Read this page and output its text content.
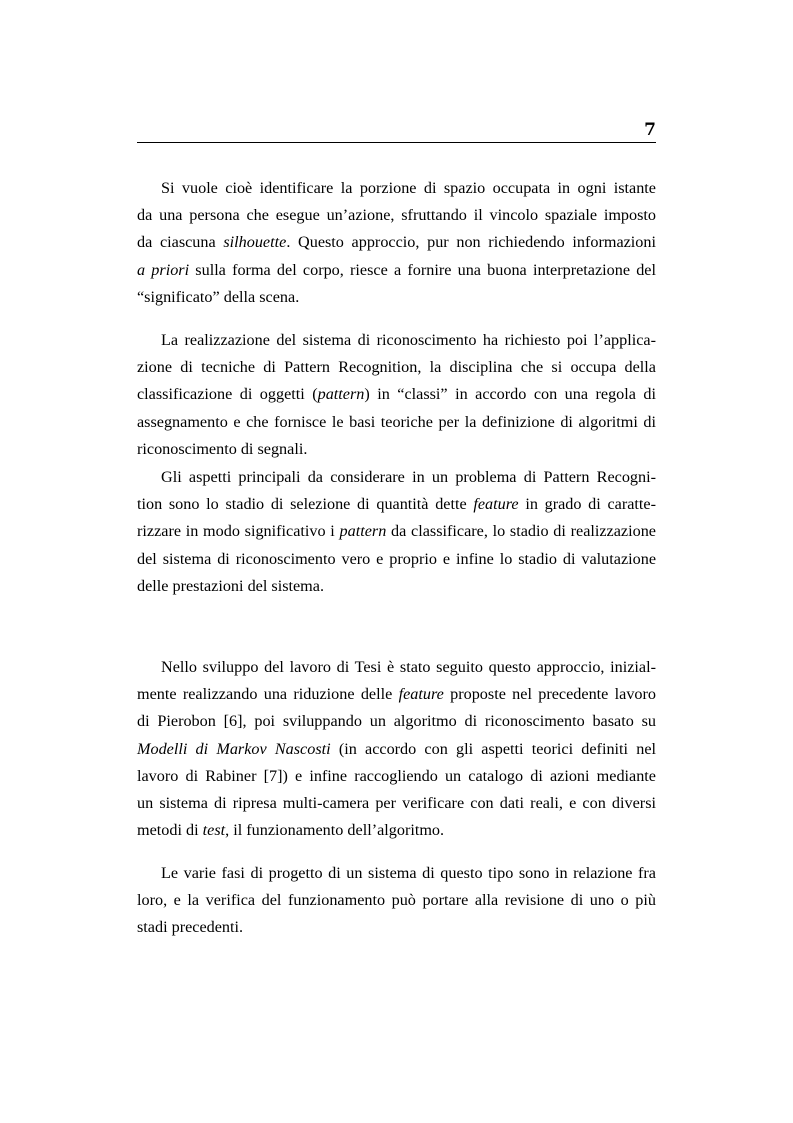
7

Si vuole cioè identificare la porzione di spazio occupata in ogni istante
da una persona che esegue un’azione, sfruttando il vincolo spaziale imposto
da ciascuna silhouette. Questo approccio, pur non richiedendo informazioni
a priori sulla forma del corpo, riesce a fornire una buona interpretazione del
“significato” della scena.

La realizzazione del sistema di riconoscimento ha richiesto poi l’applica-
zione di tecniche di Pattern Recognition, la disciplina che si occupa della
classificazione di oggetti (pattern) in “classi” in accordo con una regola di
assegnamento e che fornisce le basi teoriche per la definizione di algoritmi di
riconoscimento di segnali.

Gli aspetti principali da considerare in un problema di Pattern Recogni-
tion sono lo stadio di selezione di quantità dette feature in grado di caratte-
rizzare in modo significativo i pattern da classificare, lo stadio di realizzazione
del sistema di riconoscimento vero e proprio e infine lo stadio di valutazione
delle prestazioni del sistema.

Nello sviluppo del lavoro di Tesi è stato seguito questo approccio, inizial-
mente realizzando una riduzione delle feature proposte nel precedente lavoro
di Pierobon [6], poi sviluppando un algoritmo di riconoscimento basato su
Modelli di Markov Nascosti (in accordo con gli aspetti teorici definiti nel
lavoro di Rabiner [7]) e infine raccogliendo un catalogo di azioni mediante
un sistema di ripresa multi-camera per verificare con dati reali, e con diversi
metodi di test, il funzionamento dell’algoritmo.

Le varie fasi di progetto di un sistema di questo tipo sono in relazione fra
loro, e la verifica del funzionamento può portare alla revisione di uno o più
stadi precedenti.
